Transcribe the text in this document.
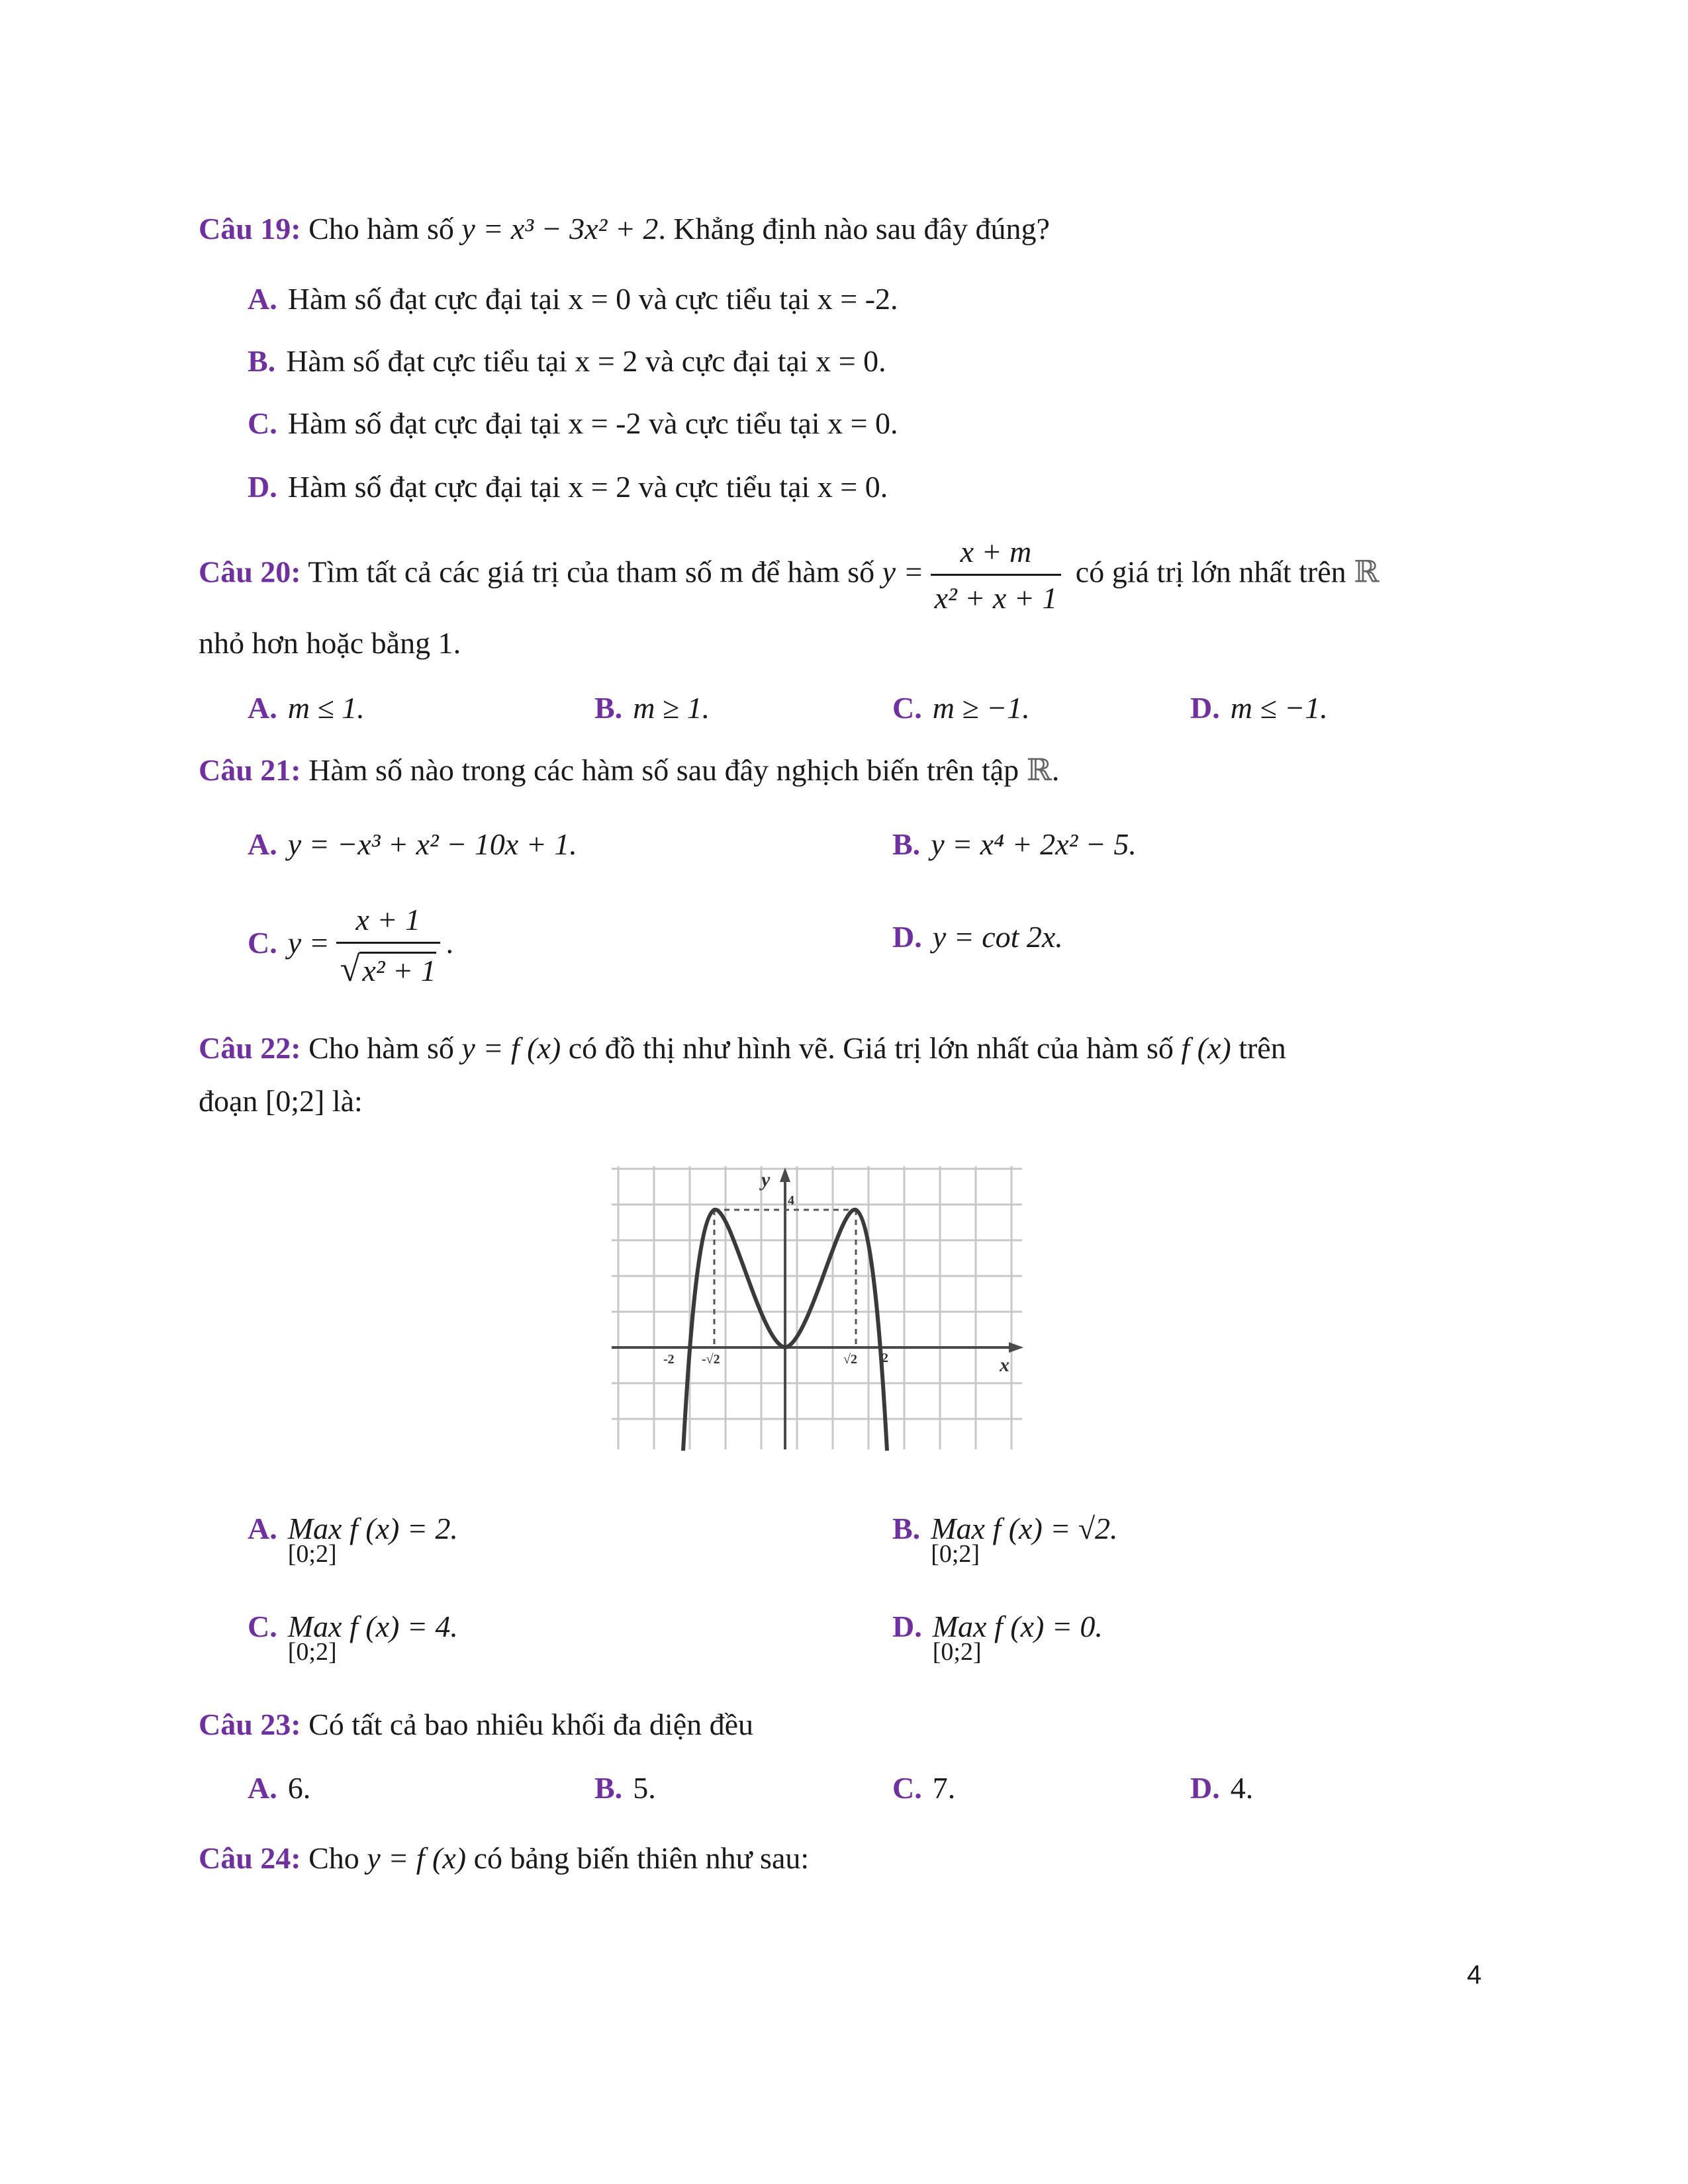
Câu 19: Cho hàm số y = x³ − 3x² + 2. Khẳng định nào sau đây đúng?
A. Hàm số đạt cực đại tại x = 0 và cực tiểu tại x = -2.
B. Hàm số đạt cực tiểu tại x = 2 và cực đại tại x = 0.
C. Hàm số đạt cực đại tại x = -2 và cực tiểu tại x = 0.
D. Hàm số đạt cực đại tại x = 2 và cực tiểu tại x = 0.
Câu 20: Tìm tất cả các giá trị của tham số m để hàm số $y = \frac{x + m}{\text{x² + x + 1}}$ có giá trị lớn nhất trên ℝ
nhỏ hơn hoặc bằng 1.
A. m ≤ 1.	B. m ≥ 1.	C. m ≥ −1.	D. m ≤ −1.
Câu 21: Hàm số nào trong các hàm số sau đây nghịch biến trên tập ℝ.
A. y = −x³ + x² − 10x + 1.	B. y = x⁴ + 2x² − 5.
C. $y = \frac{x + 1}{\text{√x² + 1}}$ .	D. y = cot 2x.
Câu 22: Cho hàm số y = f (x) có đồ thị như hình vẽ. Giá trị lớn nhất của hàm số f (x) trên
đoạn [0;2] là:
y
4
x
-2 -√2	√2 2
A. Max
[0;2]
f (x) = 2.	B. Max
[0;2]
f (x) = √2.
C. Max
[0;2]
f (x) = 4.	D. Max
[0;2]
f (x) = 0.
Câu 23: Có tất cả bao nhiêu khối đa diện đều
A. 6.	B. 5.	C. 7.	D. 4.
Câu 24: Cho y = f (x) có bảng biến thiên như sau:
4
